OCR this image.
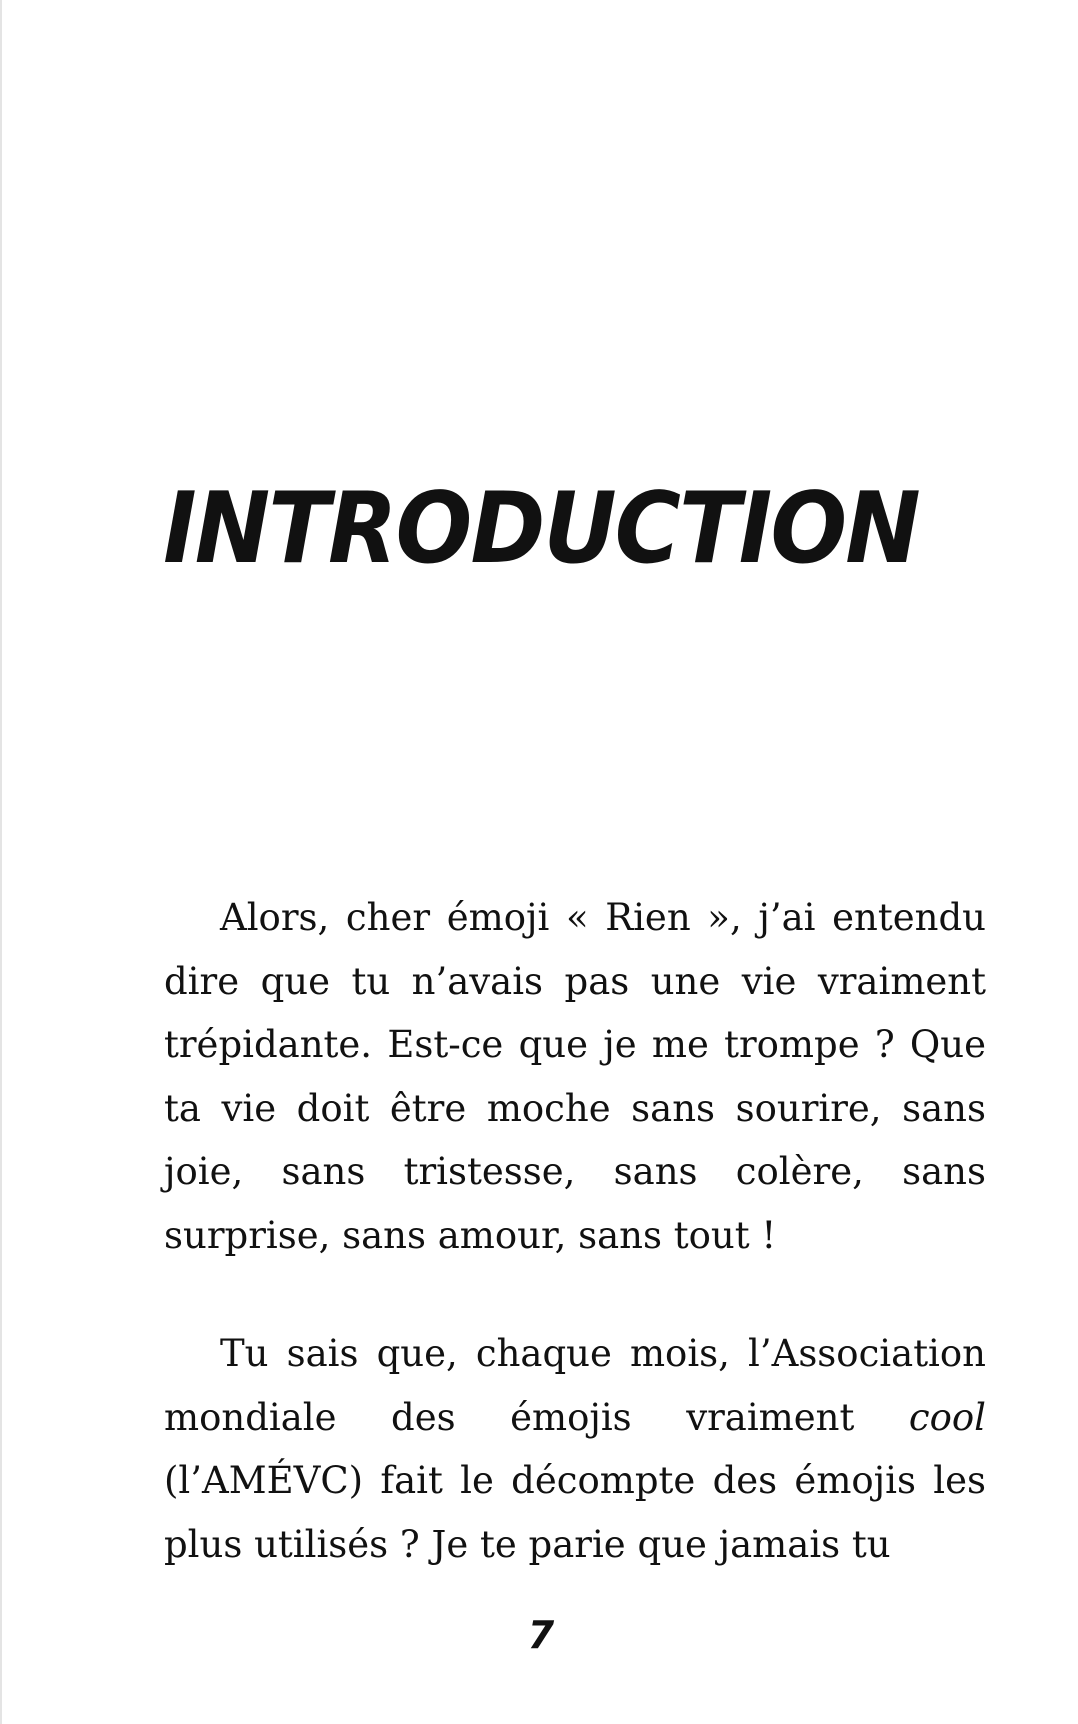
INTRODUCTION

Alors, cher émoji « Rien », j’ai entendu dire que tu n’avais pas une vie vraiment trépidante. Est-ce que je me trompe ? Que ta vie doit être moche sans sourire, sans joie, sans tristesse, sans colère, sans surprise, sans amour, sans tout !

Tu sais que, chaque mois, l’Association mondiale des émojis vraiment cool (l’AMÉVC) fait le décompte des émojis les plus utilisés ? Je te parie que jamais tu

7
